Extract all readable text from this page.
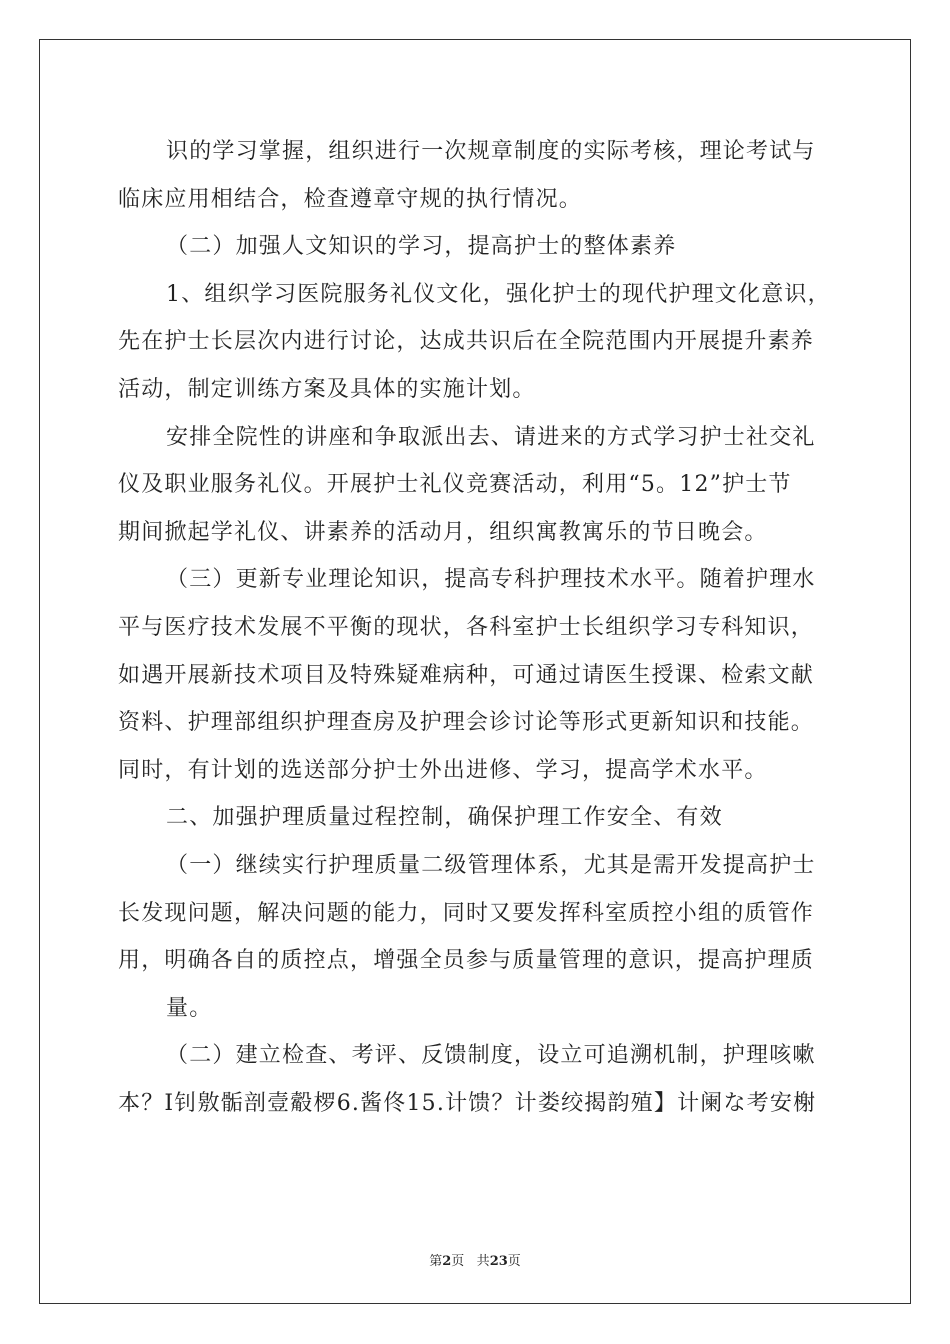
识的学习掌握，组织进行一次规章制度的实际考核，理论考试与
临床应用相结合，检查遵章守规的执行情况。
（二）加强人文知识的学习，提高护士的整体素养
1、组织学习医院服务礼仪文化，强化护士的现代护理文化意识，
先在护士长层次内进行讨论，达成共识后在全院范围内开展提升素养
活动，制定训练方案及具体的实施计划。
安排全院性的讲座和争取派出去、请进来的方式学习护士社交礼
仪及职业服务礼仪。开展护士礼仪竞赛活动，利用“5。12”护士节
期间掀起学礼仪、讲素养的活动月，组织寓教寓乐的节日晚会。
（三）更新专业理论知识，提高专科护理技术水平。随着护理水
平与医疗技术发展不平衡的现状，各科室护士长组织学习专科知识，
如遇开展新技术项目及特殊疑难病种，可通过请医生授课、检索文献
资料、护理部组织护理查房及护理会诊讨论等形式更新知识和技能。
同时，有计划的选送部分护士外出进修、学习，提高学术水平。
二、加强护理质量过程控制，确保护理工作安全、有效
（一）继续实行护理质量二级管理体系，尤其是需开发提高护士
长发现问题，解决问题的能力，同时又要发挥科室质控小组的质管作
用，明确各自的质控点，增强全员参与质量管理的意识，提高护理质
量。
（二）建立检查、考评、反馈制度，设立可追溯机制，护理咳嗽
本？I钊敫骺剖壹觳椤6.酱佟15.计馈？计娄绞揭韵殖】计阑な考安榭
第2页 共23页
